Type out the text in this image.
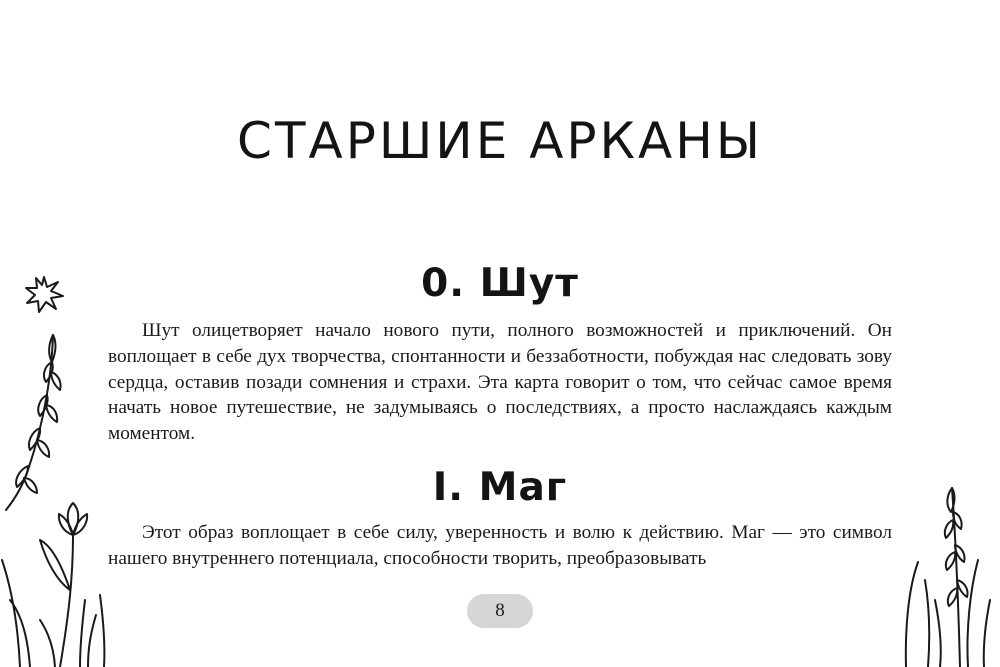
СТАРШИЕ АРКАНЫ
0. Шут

Шут олицетворяет начало нового пути, полного возможностей и приключений. Он воплощает в себе дух творчества, спонтанности и беззаботности, побуждая нас следовать зову сердца, оставив позади сомнения и страхи. Эта карта говорит о том, что сейчас самое время начать новое путешествие, не задумываясь о последствиях, а просто наслаждаясь каждым моментом.

I. Маг

Этот образ воплощает в себе силу, уверенность и волю к действию. Маг — это символ нашего внутреннего потенциала, способности творить, преобразовывать

8
